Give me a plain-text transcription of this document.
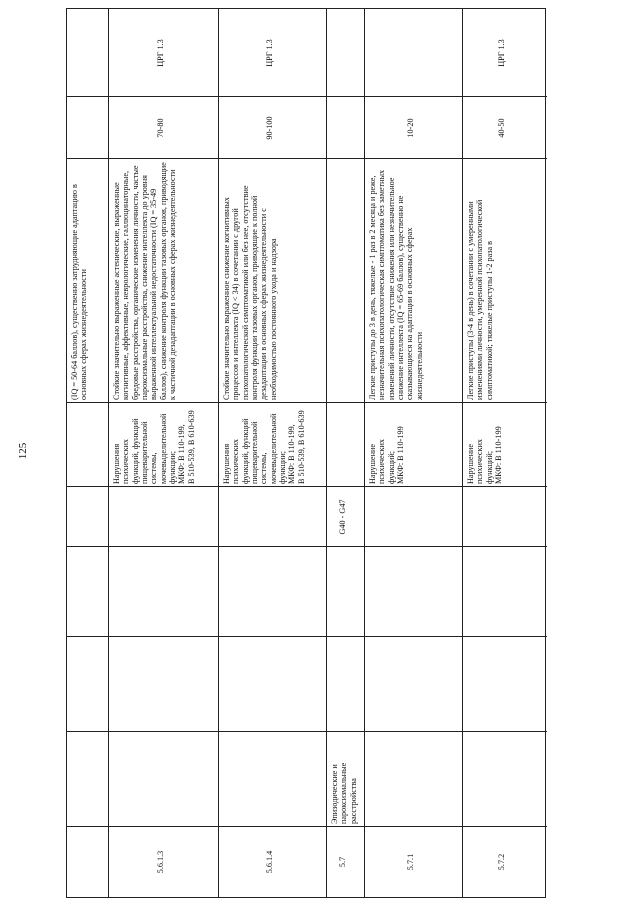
125
(IQ = 50-64 баллов), существенно затрудняющие адаптацию в основных сферах жизнедеятельности
ЦРГ 1.3
70-80
Стойкие значительно выраженные астенические, выраженные когнитивные, аффективные, неврологические, галлюцинаторные, бредовые расстройства, органические изменения личности, частые пароксизмальные расстройства, снижение интеллекта до уровня выраженной интеллектуальной недостаточности (IQ = 35-49 баллов), снижение контроля функции тазовых органов, приводящие к частичной дезадаптации в основных сферах жизнедеятельности
Нарушения психических функций, функций пищеварительной системы, мочевыделительной функции;
МКФ: В 110-199,
В 510-539, В 610-639
5.6.1.3
ЦРГ 1.3
90-100
Стойкие значительно выраженное снижение когнитивных процессов и интеллекта (IQ < 34) в сочетании с другой психопатологической симптоматикой или без нее, отсутствие контроля функции тазовых органов, приводящие к полной дезадаптации в основных сферах жизнедеятельности с необходимостью постоянного ухода и надзора
Нарушения психических функций, функций пищеварительной системы, мочевыделительной функции;
МКФ: В 110-199,
В 510-539, В 610-639
5.6.1.4
G40 - G47
Эпизодические и пароксизмальные расстройства
5.7
10-20
Легкие приступы до 3 в день, тяжелые - 1 раз в 2 месяца и реже, незначительная психопатологическая симптоматика без заметных изменений личности, отсутствие снижения или незначительное снижение интеллекта (IQ = 65-69 баллов), существенно не сказывающиеся на адаптации в основных сферах жизнедеятельности
Нарушение психических функций;
МКФ: В 110-199
5.7.1
ЦРГ 1.3
40-50
Легкие приступы (3-4 в день) в сочетании с умеренными изменениями личности, умеренной психопатологической симптоматикой; тяжелые приступы 1-2 раза в
Нарушение психических функций;
МКФ: В 110-199
5.7.2
